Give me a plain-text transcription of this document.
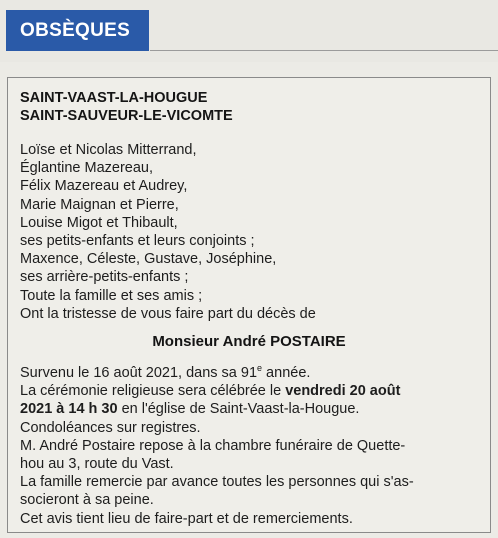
OBSÈQUES
SAINT-VAAST-LA-HOUGUE
SAINT-SAUVEUR-LE-VICOMTE
Loïse et Nicolas Mitterrand,
Églantine Mazereau,
Félix Mazereau et Audrey,
Marie Maignan et Pierre,
Louise Migot et Thibault,
ses petits-enfants et leurs conjoints ;
Maxence, Céleste, Gustave, Joséphine,
ses arrière-petits-enfants ;
Toute la famille et ses amis ;
Ont la tristesse de vous faire part du décès de
Monsieur André POSTAIRE
Survenu le 16 août 2021, dans sa 91e année.
La cérémonie religieuse sera célébrée le vendredi 20 août
2021 à 14 h 30 en l'église de Saint-Vaast-la-Hougue.
Condoléances sur registres.
M. André Postaire repose à la chambre funéraire de Quette-
hou au 3, route du Vast.
La famille remercie par avance toutes les personnes qui s'as-
socieront à sa peine.
Cet avis tient lieu de faire-part et de remerciements.
